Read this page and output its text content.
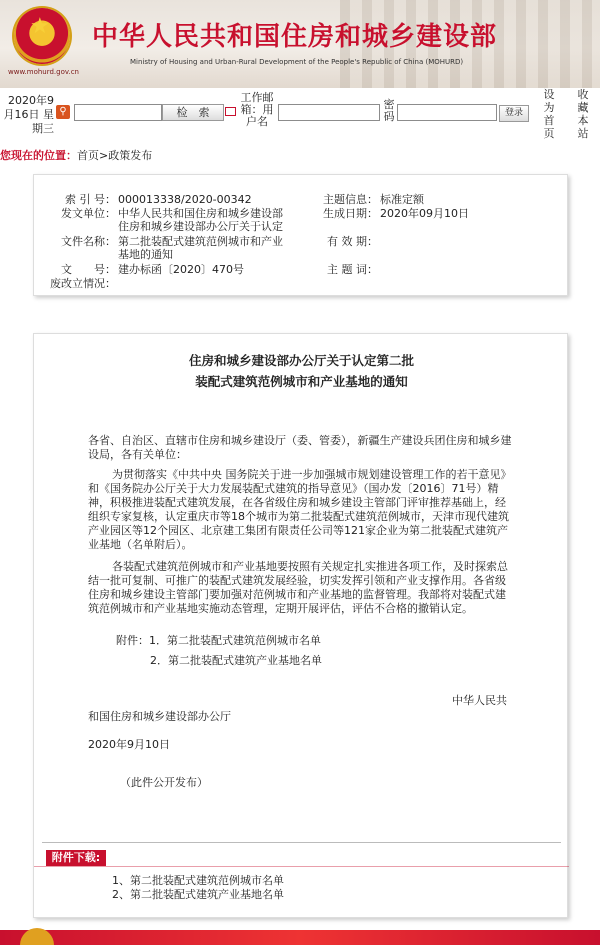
★
www.mohurd.gov.cn
中华人民共和国住房和城乡建设部
Ministry of Housing and Urban-Rural Development of the People's Republic of China (MOHURD)
2020年9
月16日 星
期三
⚲	检　索
工作邮
箱：用
户名
密
码	登录
设
为
首
页
收
藏
本
站
您现在的位置：首页>政策发布
索 引 号： 000013338/2020-00342
发文单位： 中华人民共和国住房和城乡建设部
住房和城乡建设部办公厅关于认定
文件名称： 第二批装配式建筑范例城市和产业
基地的通知
文　　号： 建办标函〔2020〕470号
废改立情况：
主题信息： 标准定额
生成日期： 2020年09月10日
有 效 期：
主 题 词：
住房和城乡建设部办公厅关于认定第二批
装配式建筑范例城市和产业基地的通知
各省、自治区、直辖市住房和城乡建设厅（委、管委），新疆生产建设兵团住房和城乡建设局，各有关单位：
为贯彻落实《中共中央 国务院关于进一步加强城市规划建设管理工作的若干意见》和《国务院办公厅关于大力发展装配式建筑的指导意见》（国办发〔2016〕71号）精神，积极推进装配式建筑发展，在各省级住房和城乡建设主管部门评审推荐基础上，经组织专家复核，认定重庆市等18个城市为第二批装配式建筑范例城市，天津市现代建筑产业园区等12个园区、北京建工集团有限责任公司等121家企业为第二批装配式建筑产业基地（名单附后）。
各装配式建筑范例城市和产业基地要按照有关规定扎实推进各项工作，及时探索总结一批可复制、可推广的装配式建筑发展经验，切实发挥引领和产业支撑作用。各省级住房和城乡建设主管部门要加强对范例城市和产业基地的监督管理。我部将对装配式建筑范例城市和产业基地实施动态管理，定期开展评估，评估不合格的撤销认定。
附件：1．第二批装配式建筑范例城市名单
2．第二批装配式建筑产业基地名单
中华人民共
和国住房和城乡建设部办公厅
2020年9月10日
（此件公开发布）
附件下载:
1、第二批装配式建筑范例城市名单
2、第二批装配式建筑产业基地名单
